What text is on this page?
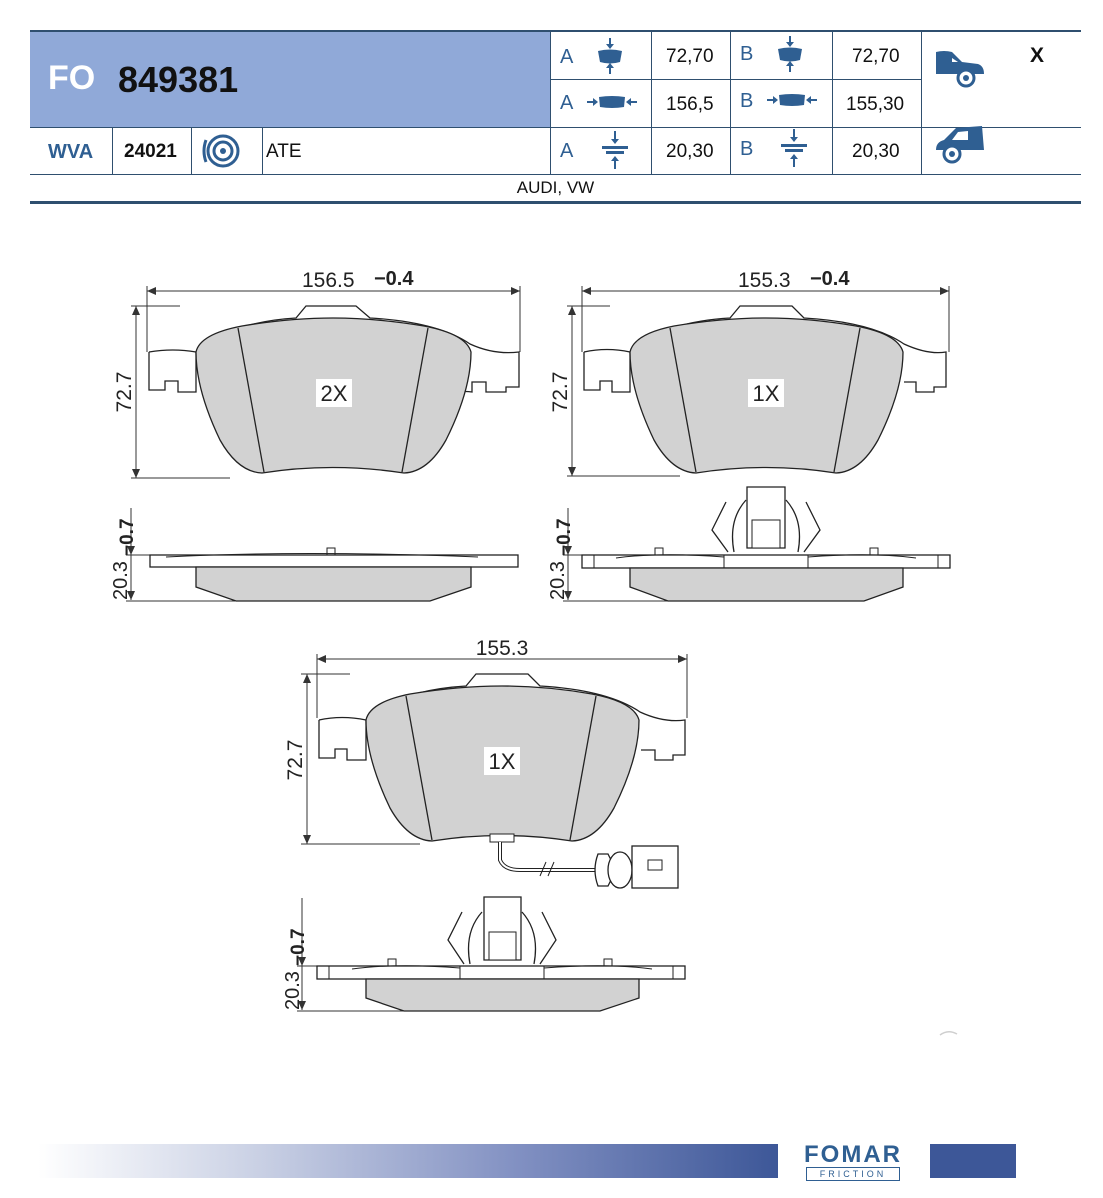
FO 849381
WVA 24021	ATE
A	72,70 B	72,70
A	156,5 B	155,30
A	20,30 B	20,30
X
AUDI, VW
2X
156.5 −0.4
72.7
20.3
−0.7
1X
155.3 −0.4
72.7
20.3
−0.7
1X
155.3
72.7
20.3
−0.7
FOMAR
FRICTION
